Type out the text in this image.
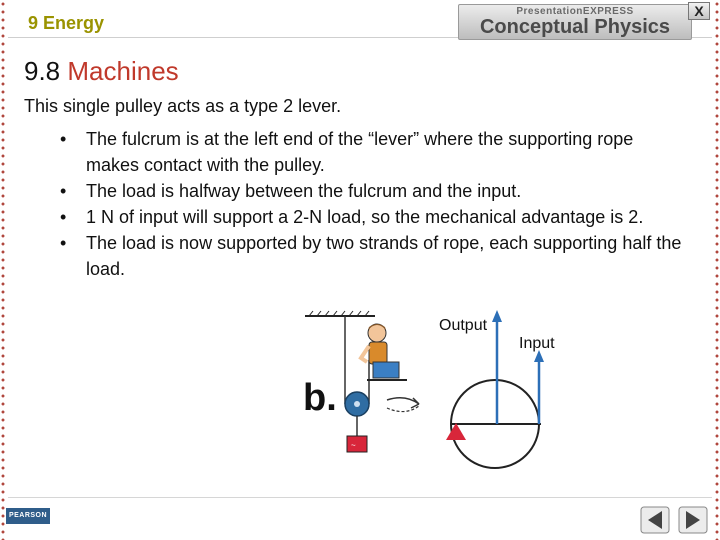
9 Energy
PresentationEXPRESS
Conceptual Physics
X
9.8 Machines
This single pulley acts as a type 2 lever.
• The fulcrum is at the left end of the “lever” where the supporting rope makes contact with the pulley.
• The load is halfway between the fulcrum and the input.
• 1 N of input will support a 2-N load, so the mechanical advantage is 2.
• The load is now supported by two strands of rope, each supporting half the load.
b.
~
Output
Input
PEARSON
